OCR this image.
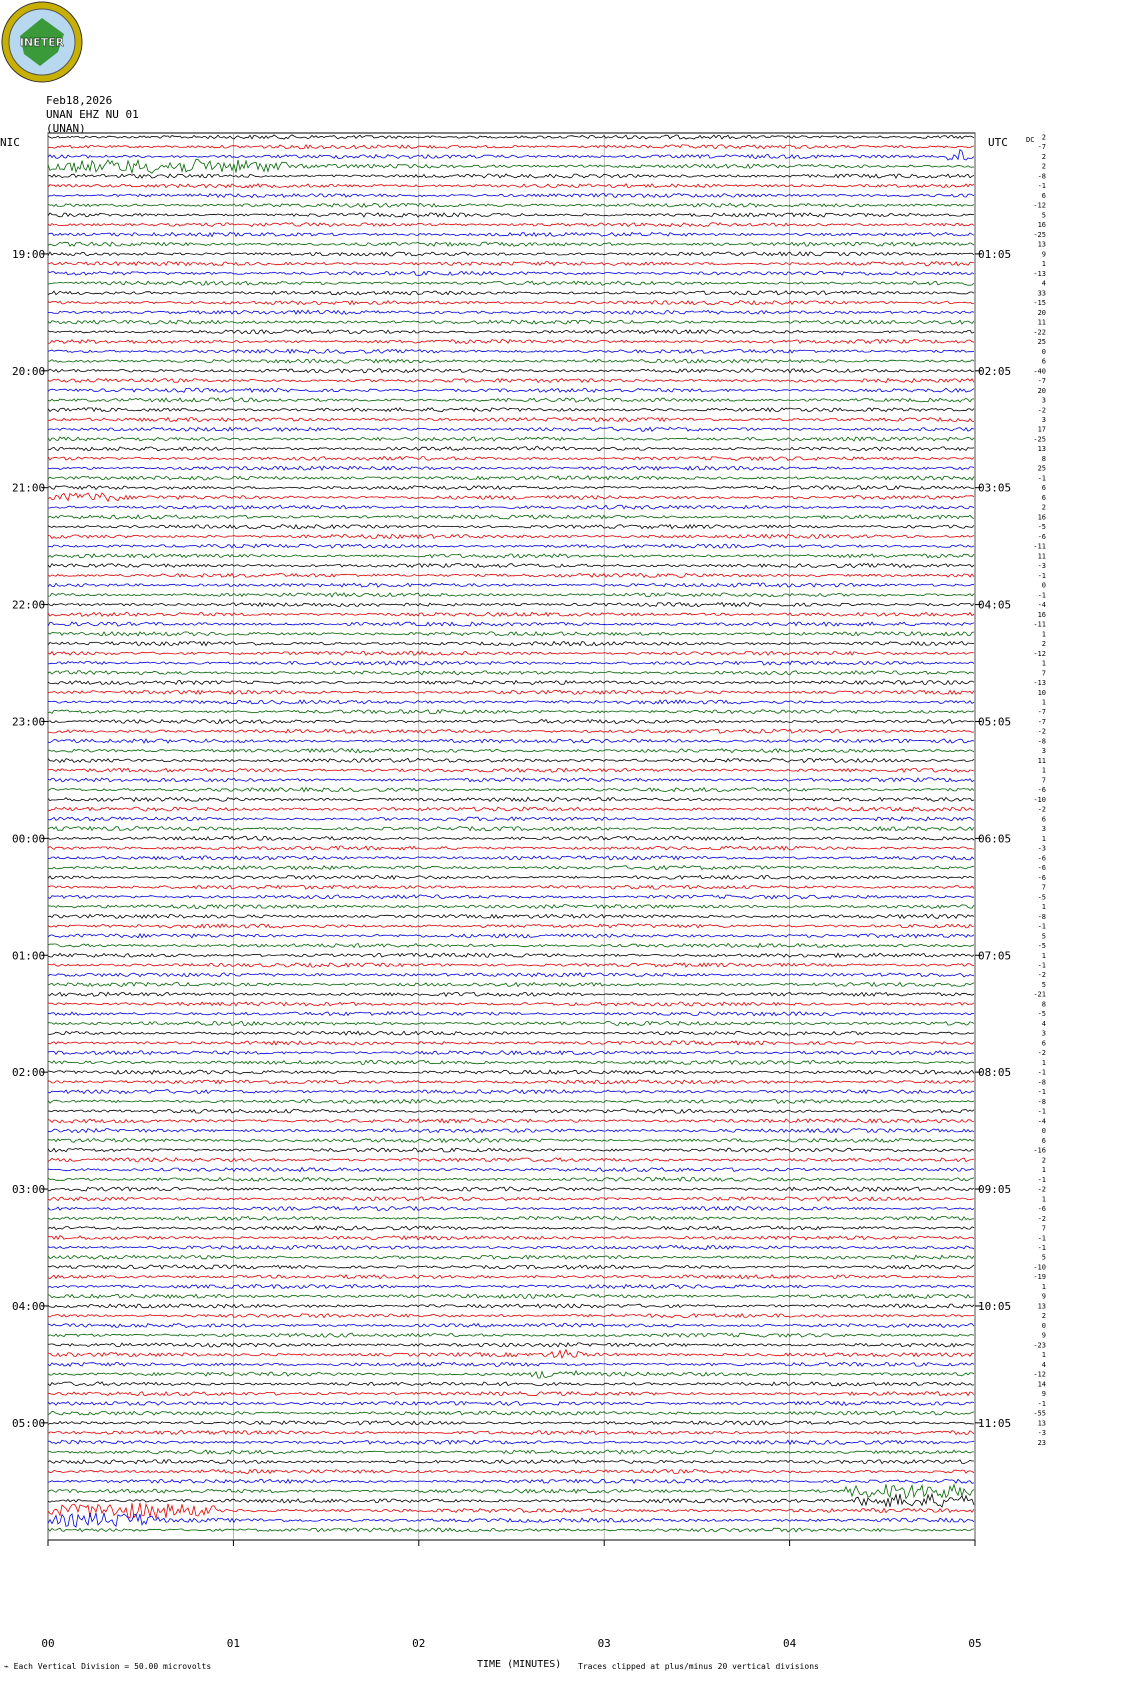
INETER
Feb18,2026
UNAN EHZ NU 01
(UNAN)
NIC	UTC	DC
00	01	02	03	04	05
2
-7
2
2
-8
-1
6
-12
5
16
-25
13
9
1
-13
4
33
-15
20
11
-22
25
0
6
-40
-7
20
3
-2
3
17
-25
13
8
25
-1
6
6
2
16
-5
-6
-11
11
-3
-1
0
-1
-4
16
-11
1
2
-12
1
7
-13
10
1
-7
-7
-2
-8
3
11
1
7
-6
-10
-2
6
3
1
-3
-6
-6
-6
7
-5
1
-8
-1
5
-5
1
-1
-2
5
-21
8
-5
4
3
6
-2
1
-1
-8
-1
-8
-1
-4
0
6
-16
2
1
-1
-2
1
-6
-2
7
-1
-1
5
-10
-19
1
9
13
2
0
9
-23
1
4
-12
14
9
-1
-55
13
-3
23
19:00
20:00
21:00
22:00
23:00
00:00
01:00
02:00
03:00
04:00
05:00
01:05
02:05
03:05
04:05
05:05
06:05
07:05
08:05
09:05
10:05
11:05
⌁ Each Vertical Division = 50.00 microvolts	TIME (MINUTES) Traces clipped at plus/minus 20 vertical divisions
